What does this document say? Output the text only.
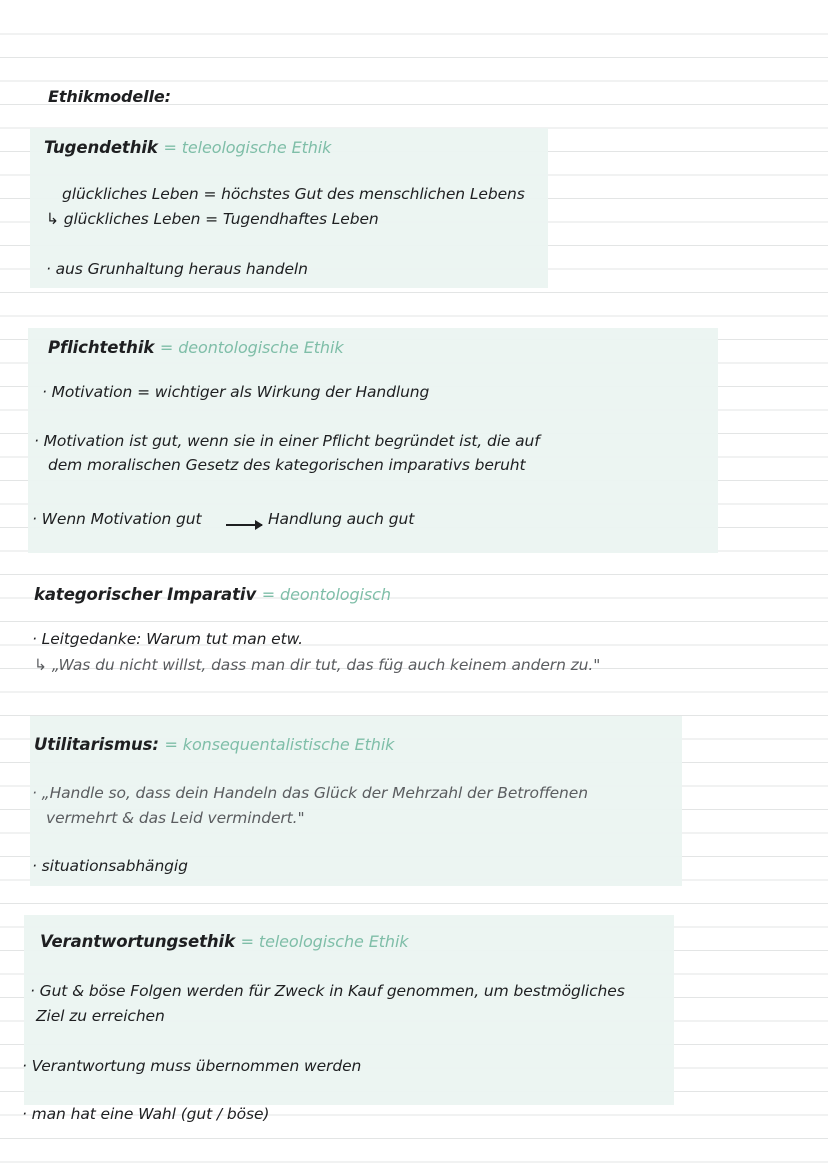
Ethikmodelle:

Tugendethik = teleologische Ethik

glückliches Leben = höchstes Gut des menschlichen Lebens

↳ glückliches Leben = Tugendhaftes Leben

· aus Grunhaltung heraus handeln

Pflichtethik = deontologische Ethik

· Motivation = wichtiger als Wirkung der Handlung

· Motivation ist gut, wenn sie in einer Pflicht begründet ist, die auf

dem moralischen Gesetz des kategorischen imparativs beruht

· Wenn Motivation gut	Handlung auch gut

kategorischer Imparativ = deontologisch

· Leitgedanke: Warum tut man etw.

↳ „Was du nicht willst, dass man dir tut, das füg auch keinem andern zu."
Utilitarismus: = konsequentalistische Ethik

· „Handle so, dass dein Handeln das Glück der Mehrzahl der Betroffenen

vermehrt & das Leid vermindert."

· situationsabhängig

Verantwortungsethik = teleologische Ethik

· Gut & böse Folgen werden für Zweck in Kauf genommen, um bestmögliches

Ziel zu erreichen

· Verantwortung muss übernommen werden

· man hat eine Wahl (gut / böse)
